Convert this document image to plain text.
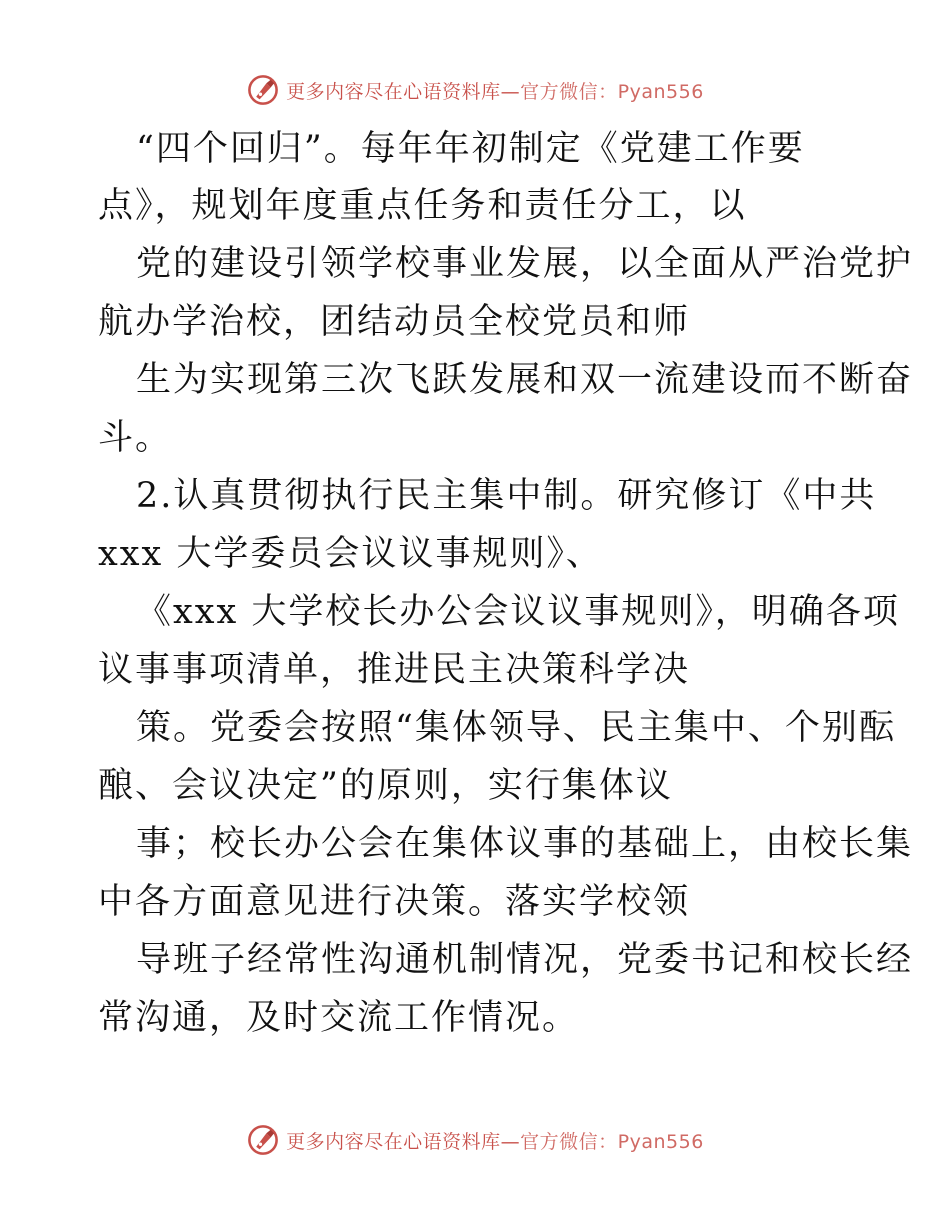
更多内容尽在心语资料库—官方微信：Pyan556
“四个回归”。每年年初制定《党建工作要
点》，规划年度重点任务和责任分工，以
党的建设引领学校事业发展，以全面从严治党护
航办学治校，团结动员全校党员和师
生为实现第三次飞跃发展和双一流建设而不断奋
斗。
2.认真贯彻执行民主集中制。研究修订《中共
xxx 大学委员会议议事规则》、
《xxx 大学校长办公会议议事规则》，明确各项
议事事项清单，推进民主决策科学决
策。党委会按照“集体领导、民主集中、个别酝
酿、会议决定”的原则，实行集体议
事；校长办公会在集体议事的基础上，由校长集
中各方面意见进行决策。落实学校领
导班子经常性沟通机制情况，党委书记和校长经
常沟通，及时交流工作情况。
更多内容尽在心语资料库—官方微信：Pyan556
